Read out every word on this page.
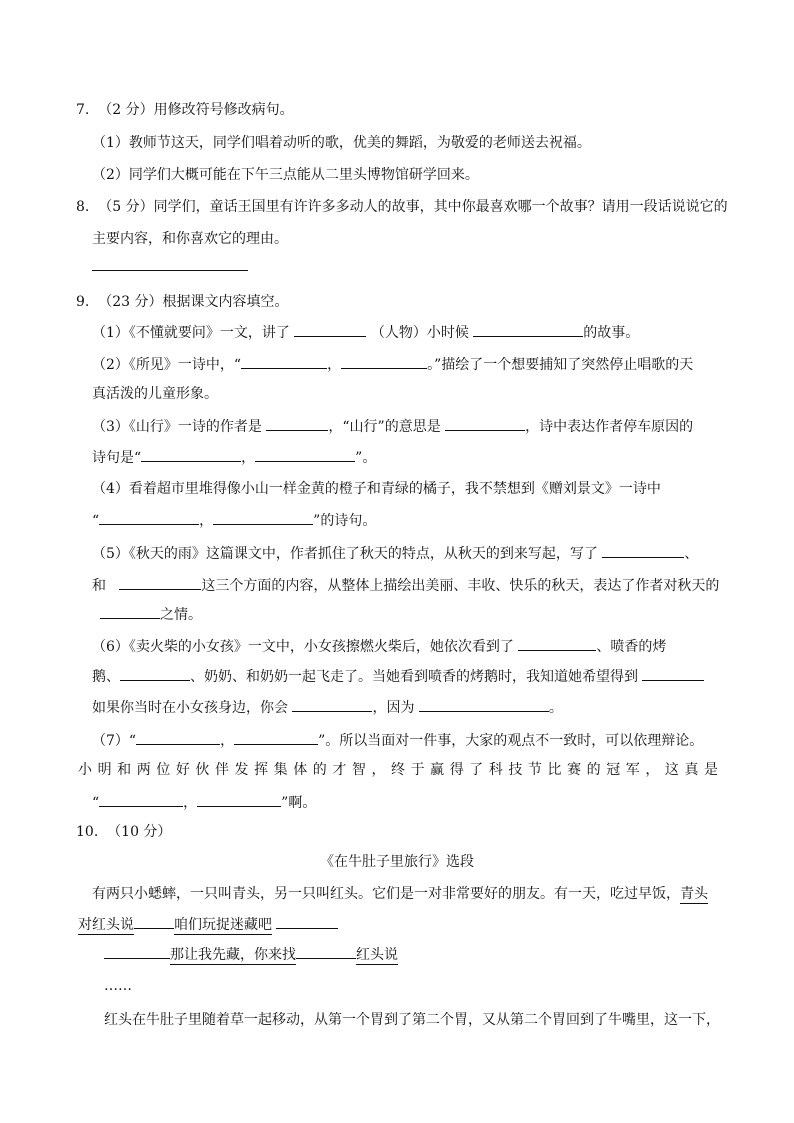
7. （2 分）用修改符号修改病句。
（1）教师节这天，同学们唱着动听的歌，优美的舞蹈，为敬爱的老师送去祝福。
（2）同学们大概可能在下午三点能从二里头博物馆研学回来。
8. （5 分）同学们，童话王国里有许许多多动人的故事，其中你最喜欢哪一个故事？请用一段话说说它的
主要内容，和你喜欢它的理由。
9. （23 分）根据课文内容填空。
（1）《不懂就要问》一文，讲了	（人物）小时候	的故事。
（2）《所见》一诗中，“	，	。”描绘了一个想要捕知了突然停止唱歌的天
真活泼的儿童形象。
（3）《山行》一诗的作者是	，“山行”的意思是	，诗中表达作者停车原因的
诗句是“	，	”。
（4）看着超市里堆得像小山一样金黄的橙子和青绿的橘子，我不禁想到《赠刘景文》一诗中
“	，	”的诗句。
（5）《秋天的雨》这篇课文中，作者抓住了秋天的特点，从秋天的到来写起，写了	、
和	这三个方面的内容，从整体上描绘出美丽、丰收、快乐的秋天，表达了作者对秋天的
之情。
（6）《卖火柴的小女孩》一文中，小女孩擦燃火柴后，她依次看到了	、喷香的烤
鹅、	、奶奶、和奶奶一起飞走了。当她看到喷香的烤鹅时，我知道她希望得到
如果你当时在小女孩身边，你会	，因为	。
（7）“	，	”。所以当面对一件事，大家的观点不一致时，可以依理辩论。
小 明 和 两 位 好 伙 伴 发 挥 集 体 的 才 智 ， 终 于 赢 得 了 科 技 节 比 赛 的 冠 军 ， 这 真 是
“	，	”啊。
10. （10 分）
《在牛肚子里旅行》选段
有两只小蟋蟀，一只叫青头，另一只叫红头。它们是一对非常要好的朋友。有一天，吃过早饭，青头
对红头说	咱们玩捉迷藏吧
那让我先藏，你来找	红头说
……
红头在牛肚子里随着草一起移动，从第一个胃到了第二个胃，又从第二个胃回到了牛嘴里，这一下，
